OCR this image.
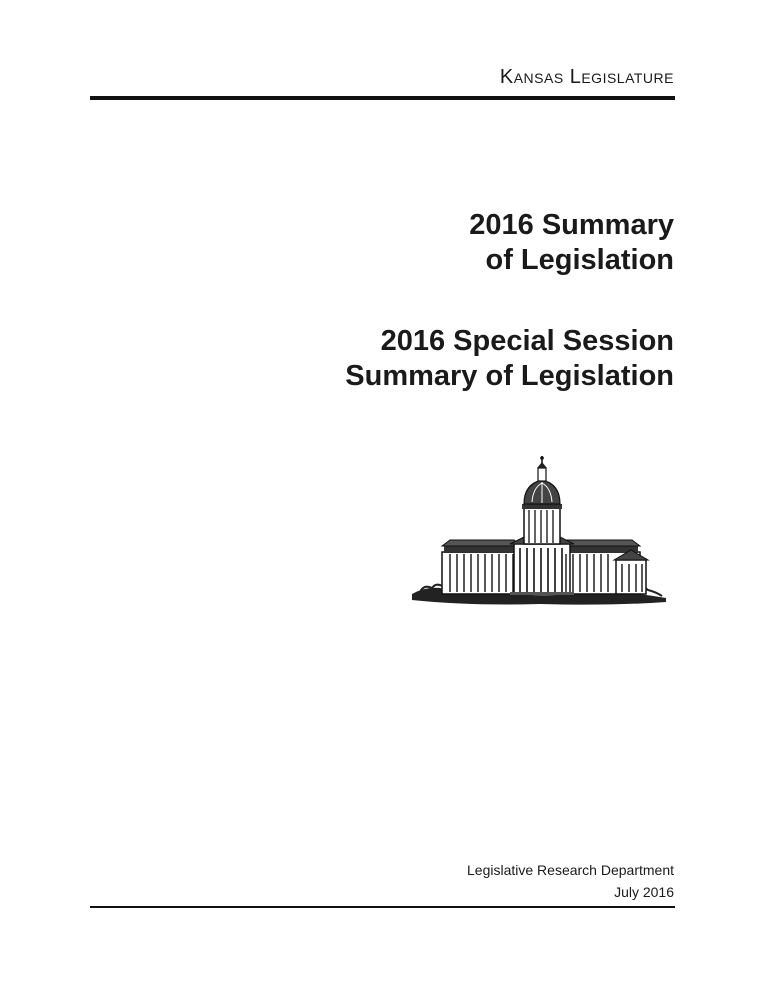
Kansas Legislature
2016 Summary
of Legislation
2016 Special Session
Summary of Legislation
Legislative Research Department
July 2016
